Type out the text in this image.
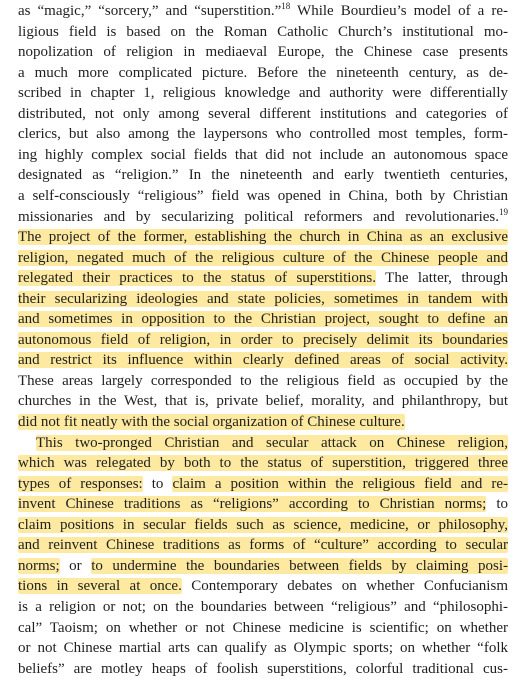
as “magic,” “sorcery,” and “superstition.”$^{18}$ While Bourdieu’s model of a re-
ligious field is based on the Roman Catholic Church’s institutional mo-
nopolization of religion in mediaeval Europe, the Chinese case presents
a much more complicated picture. Before the nineteenth century, as de-
scribed in chapter 1, religious knowledge and authority were differentially
distributed, not only among several different institutions and categories of
clerics, but also among the laypersons who controlled most temples, form-
ing highly complex social fields that did not include an autonomous space
designated as “religion.” In the nineteenth and early twentieth centuries,
a self-consciously “religious” field was opened in China, both by Christian
missionaries and by secularizing political reformers and revolutionaries.$^{19}$
The project of the former, establishing the church in China as an exclusive
religion, negated much of the religious culture of the Chinese people and
relegated their practices to the status of superstitions. The latter, through
their secularizing ideologies and state policies, sometimes in tandem with
and sometimes in opposition to the Christian project, sought to define an
autonomous field of religion, in order to precisely delimit its boundaries
and restrict its influence within clearly defined areas of social activity.
These areas largely corresponded to the religious field as occupied by the
churches in the West, that is, private belief, morality, and philanthropy, but
did not fit neatly with the social organization of Chinese culture.
This two-pronged Christian and secular attack on Chinese religion,
which was relegated by both to the status of superstition, triggered three
types of responses: to claim a position within the religious field and re-
invent Chinese traditions as “religions” according to Christian norms; to
claim positions in secular fields such as science, medicine, or philosophy,
and reinvent Chinese traditions as forms of “culture” according to secular
norms; or to undermine the boundaries between fields by claiming posi-
tions in several at once. Contemporary debates on whether Confucianism
is a religion or not; on the boundaries between “religious” and “philosophi-
cal” Taoism; on whether or not Chinese medicine is scientific; on whether
or not Chinese martial arts can qualify as Olympic sports; on whether “folk
beliefs” are motley heaps of foolish superstitions, colorful traditional cus-
